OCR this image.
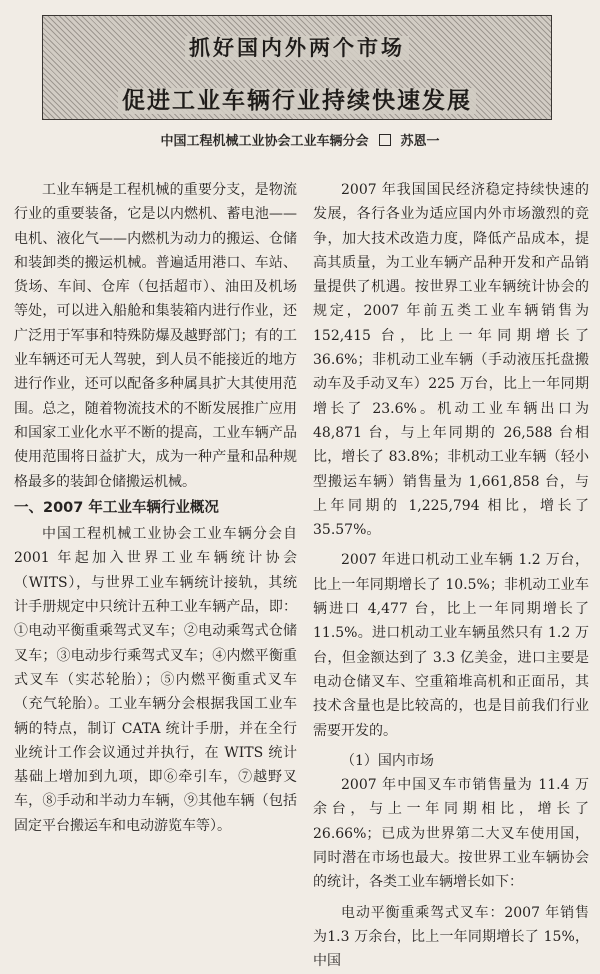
抓好国内外两个市场
促进工业车辆行业持续快速发展
中国工程机械工业协会工业车辆分会 苏恩一

工业车辆是工程机械的重要分支，是物流行业的重要装备，它是以内燃机、蓄电池——电机、液化气——内燃机为动力的搬运、仓储和装卸类的搬运机械。普遍适用港口、车站、货场、车间、仓库（包括超市）、油田及机场等处，可以进入船舱和集装箱内进行作业，还广泛用于军事和特殊防爆及越野部门；有的工业车辆还可无人驾驶，到人员不能接近的地方进行作业，还可以配备多种属具扩大其使用范围。总之，随着物流技术的不断发展推广应用和国家工业化水平不断的提高，工业车辆产品使用范围将日益扩大，成为一种产量和品种规格最多的装卸仓储搬运机械。

一、2007 年工业车辆行业概况

中国工程机械工业协会工业车辆分会自2001 年起加入世界工业车辆统计协会（WITS），与世界工业车辆统计接轨，其统计手册规定中只统计五种工业车辆产品，即：①电动平衡重乘驾式叉车；②电动乘驾式仓储叉车；③电动步行乘驾式叉车；④内燃平衡重式叉车（实芯轮胎）；⑤内燃平衡重式叉车（充气轮胎）。工业车辆分会根据我国工业车辆的特点，制订 CATA 统计手册，并在全行业统计工作会议通过并执行，在 WITS 统计基础上增加到九项，即⑥牵引车，⑦越野叉车，⑧手动和半动力车辆，⑨其他车辆（包括固定平台搬运车和电动游览车等）。

2007 年我国国民经济稳定持续快速的发展，各行各业为适应国内外市场激烈的竞争，加大技术改造力度，降低产品成本，提高其质量，为工业车辆产品种开发和产品销量提供了机遇。按世界工业车辆统计协会的规定，2007 年前五类工业车辆销售为 152,415 台，比上一年同期增长了 36.6%；非机动工业车辆（手动液压托盘搬动车及手动叉车）225 万台，比上一年同期增长了 23.6%。机动工业车辆出口为 48,871 台，与上年同期的 26,588 台相比，增长了 83.8%；非机动工业车辆（轻小型搬运车辆）销售量为 1,661,858 台，与上年同期的 1,225,794 相比，增长了 35.57%。

2007 年进口机动工业车辆 1.2 万台，比上一年同期增长了 10.5%；非机动工业车辆进口 4,477 台，比上一年同期增长了 11.5%。进口机动工业车辆虽然只有 1.2 万台，但金额达到了 3.3 亿美金，进口主要是电动仓储叉车、空重箱堆高机和正面吊，其技术含量也是比较高的，也是目前我们行业需要开发的。

（1）国内市场

2007 年中国叉车市销售量为 11.4 万余台，与上一年同期相比，增长了 26.66%；已成为世界第二大叉车使用国，同时潜在市场也最大。按世界工业车辆协会的统计，各类工业车辆增长如下：

电动平衡重乘驾式叉车：2007 年销售为1.3 万余台，比上一年同期增长了 15%，中国
